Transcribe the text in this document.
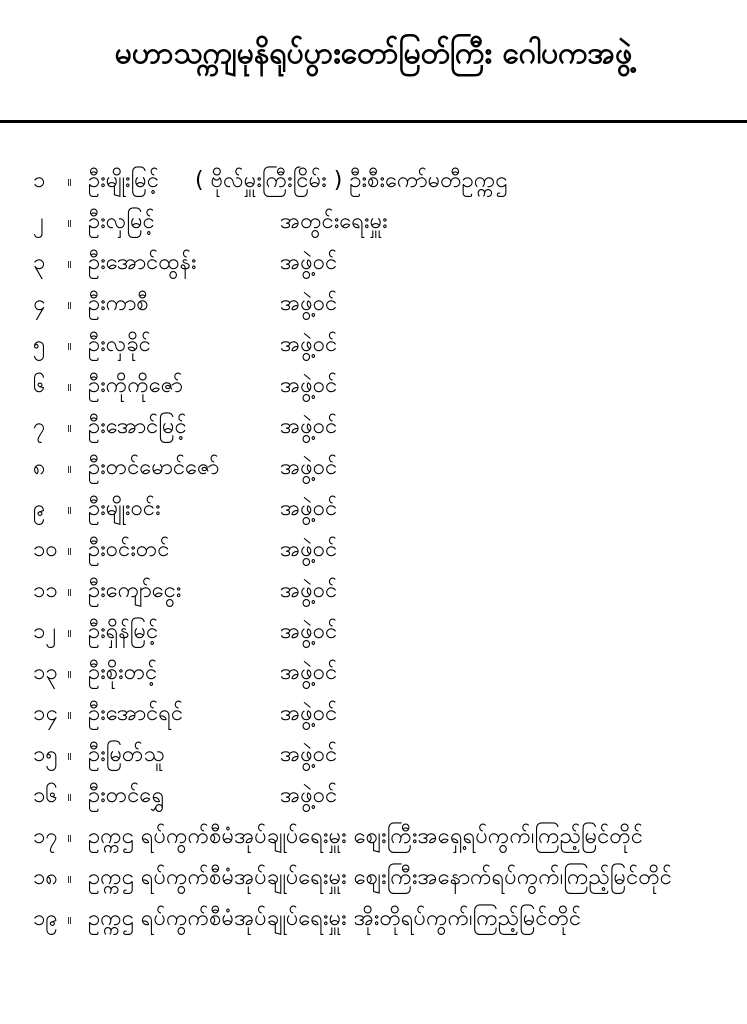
မဟာသက္ကျမုနိရုပ်ပွားတော်မြတ်ကြီး ဂေါပကအဖွဲ့
၁ ။ ဦးမျိုးမြင့် ( ဗိုလ်မှူးကြီးငြိမ်း ) ဦးစီးကော်မတီဥက္ကဌ
၂ ။ ဦးလှမြင့်	အတွင်းရေးမှူး
၃ ။ ဦးအောင်ထွန်း	အဖွဲ့ဝင်
၄ ။ ဦးကာစီ	အဖွဲ့ဝင်
၅ ။ ဦးလှခိုင်	အဖွဲ့ဝင်
၆ ။ ဦးကိုကိုဇော်	အဖွဲ့ဝင်
၇ ။ ဦးအောင်မြင့်	အဖွဲ့ဝင်
၈ ။ ဦးတင်မောင်ဇော်	အဖွဲ့ဝင်
၉ ။ ဦးမျိုးဝင်း	အဖွဲ့ဝင်
၁၀ ။ ဦးဝင်းတင်	အဖွဲ့ဝင်
၁၁ ။ ဦးကျော်ငွေး	အဖွဲ့ဝင်
၁၂ ။ ဦးရှိန်မြင့်	အဖွဲ့ဝင်
၁၃ ။ ဦးစိုးတင့်	အဖွဲ့ဝင်
၁၄ ။ ဦးအောင်ရင်	အဖွဲ့ဝင်
၁၅ ။ ဦးမြတ်သူ	အဖွဲ့ဝင်
၁၆ ။ ဦးတင်ရွှေ	အဖွဲ့ဝင်
၁၇ ။ ဥက္ကဌ ရပ်ကွက်စီမံအုပ်ချုပ်ရေးမှူး ဈေးကြီးအရှေ့ရပ်ကွက်၊ကြည့်မြင်တိုင်
၁၈ ။ ဥက္ကဌ ရပ်ကွက်စီမံအုပ်ချုပ်ရေးမှူး ဈေးကြီးအနောက်ရပ်ကွက်၊ကြည့်မြင်တိုင်
၁၉ ။ ဥက္ကဌ ရပ်ကွက်စီမံအုပ်ချုပ်ရေးမှူး အိုးတိုရပ်ကွက်၊ကြည့်မြင်တိုင်
